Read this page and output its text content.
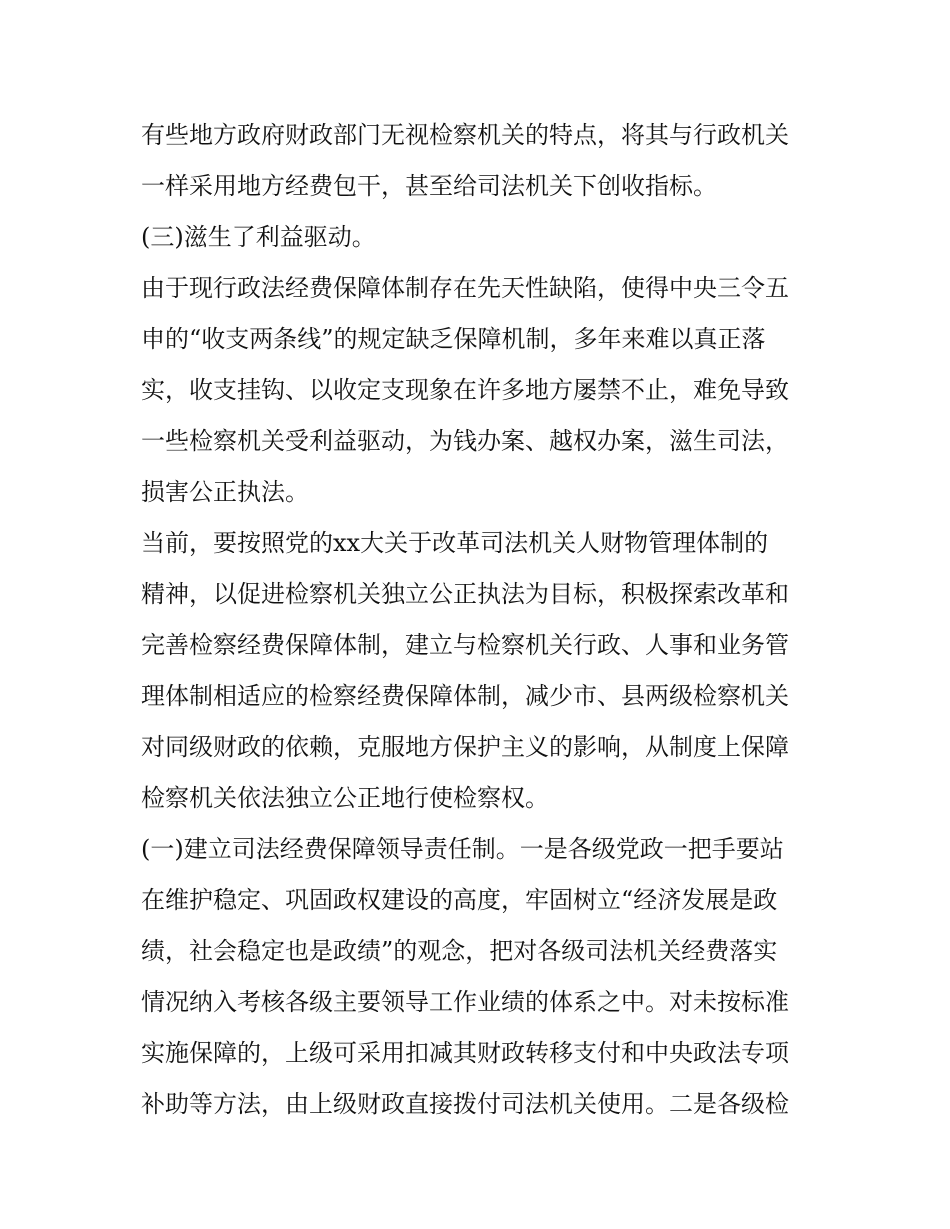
有些地方政府财政部门无视检察机关的特点，将其与行政机关
一样采用地方经费包干，甚至给司法机关下创收指标。
(三)滋生了利益驱动。
由于现行政法经费保障体制存在先天性缺陷，使得中央三令五
申的“收支两条线”的规定缺乏保障机制，多年来难以真正落
实，收支挂钩、以收定支现象在许多地方屡禁不止，难免导致
一些检察机关受利益驱动，为钱办案、越权办案，滋生司法，
损害公正执法。
当前，要按照党的xx大关于改革司法机关人财物管理体制的
精神，以促进检察机关独立公正执法为目标，积极探索改革和
完善检察经费保障体制，建立与检察机关行政、人事和业务管
理体制相适应的检察经费保障体制，减少市、县两级检察机关
对同级财政的依赖，克服地方保护主义的影响，从制度上保障
检察机关依法独立公正地行使检察权。
(一)建立司法经费保障领导责任制。一是各级党政一把手要站
在维护稳定、巩固政权建设的高度，牢固树立“经济发展是政
绩，社会稳定也是政绩”的观念，把对各级司法机关经费落实
情况纳入考核各级主要领导工作业绩的体系之中。对未按标准
实施保障的，上级可采用扣减其财政转移支付和中央政法专项
补助等方法，由上级财政直接拨付司法机关使用。二是各级检
